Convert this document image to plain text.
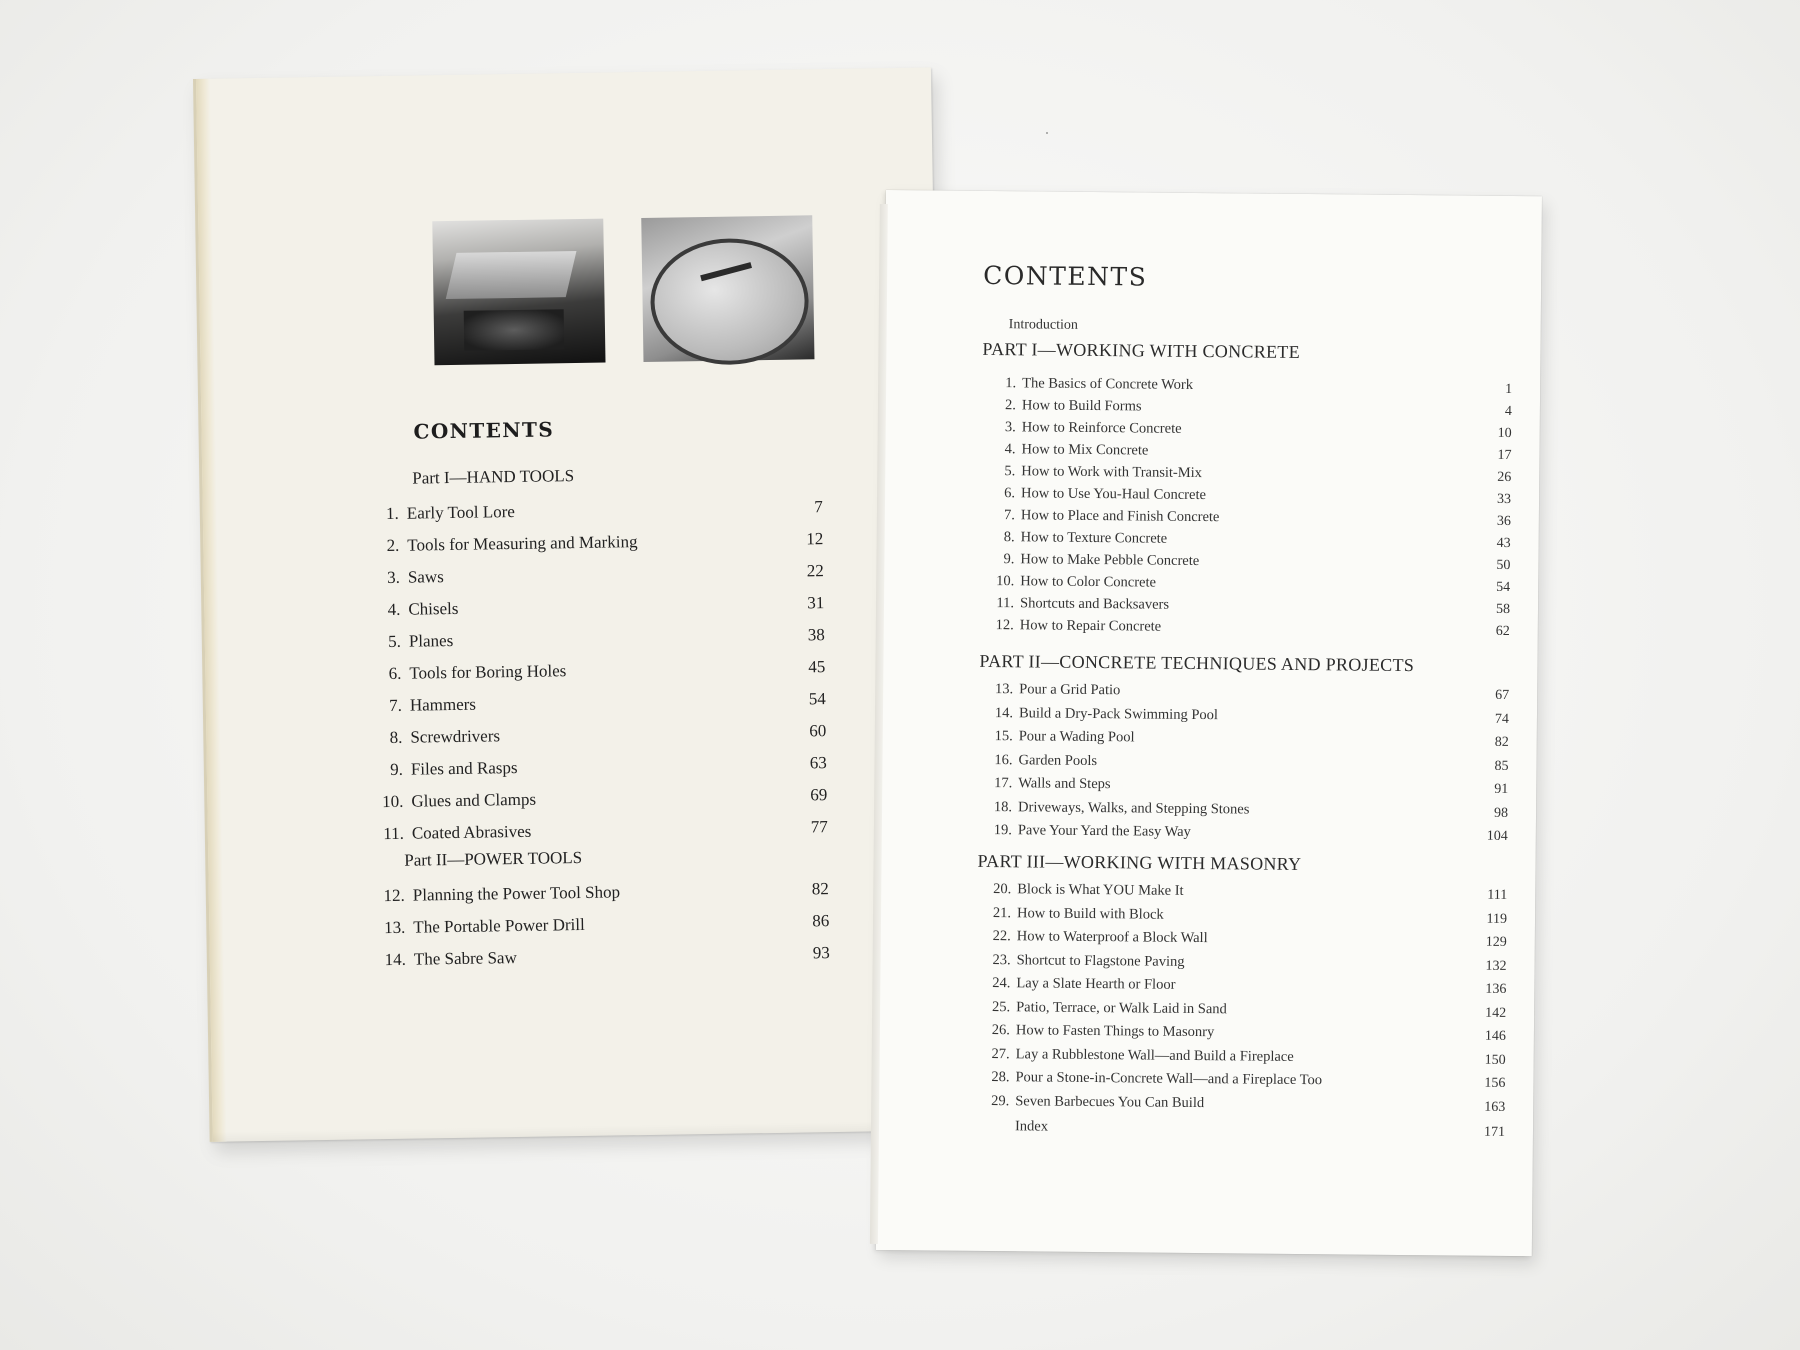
CONTENTS
Part I—HAND TOOLS
1. Early Tool Lore	7
2. Tools for Measuring and Marking	12
3. Saws	22
4. Chisels	31
5. Planes	38
6. Tools for Boring Holes	45
7. Hammers	54
8. Screwdrivers	60
9. Files and Rasps	63
10. Glues and Clamps	69
11. Coated Abrasives	77
Part II—POWER TOOLS
12. Planning the Power Tool Shop	82
13. The Portable Power Drill	86
14. The Sabre Saw	93
CONTENTS
Introduction
PART I—WORKING WITH CONCRETE
1. The Basics of Concrete Work	1
2. How to Build Forms	4
3. How to Reinforce Concrete	10
4. How to Mix Concrete	17
5. How to Work with Transit-Mix	26
6. How to Use You-Haul Concrete	33
7. How to Place and Finish Concrete	36
8. How to Texture Concrete	43
9. How to Make Pebble Concrete	50
10. How to Color Concrete	54
11. Shortcuts and Backsavers	58
12. How to Repair Concrete	62
PART II—CONCRETE TECHNIQUES AND PROJECTS
13. Pour a Grid Patio	67
14. Build a Dry-Pack Swimming Pool	74
15. Pour a Wading Pool	82
16. Garden Pools	85
17. Walls and Steps	91
18. Driveways, Walks, and Stepping Stones	98
19. Pave Your Yard the Easy Way	104
PART III—WORKING WITH MASONRY
20. Block is What YOU Make It	111
21. How to Build with Block	119
22. How to Waterproof a Block Wall	129
23. Shortcut to Flagstone Paving	132
24. Lay a Slate Hearth or Floor	136
25. Patio, Terrace, or Walk Laid in Sand	142
26. How to Fasten Things to Masonry	146
27. Lay a Rubblestone Wall—and Build a Fireplace	150
28. Pour a Stone-in-Concrete Wall—and a Fireplace Too	156
29. Seven Barbecues You Can Build	163
Index	171
